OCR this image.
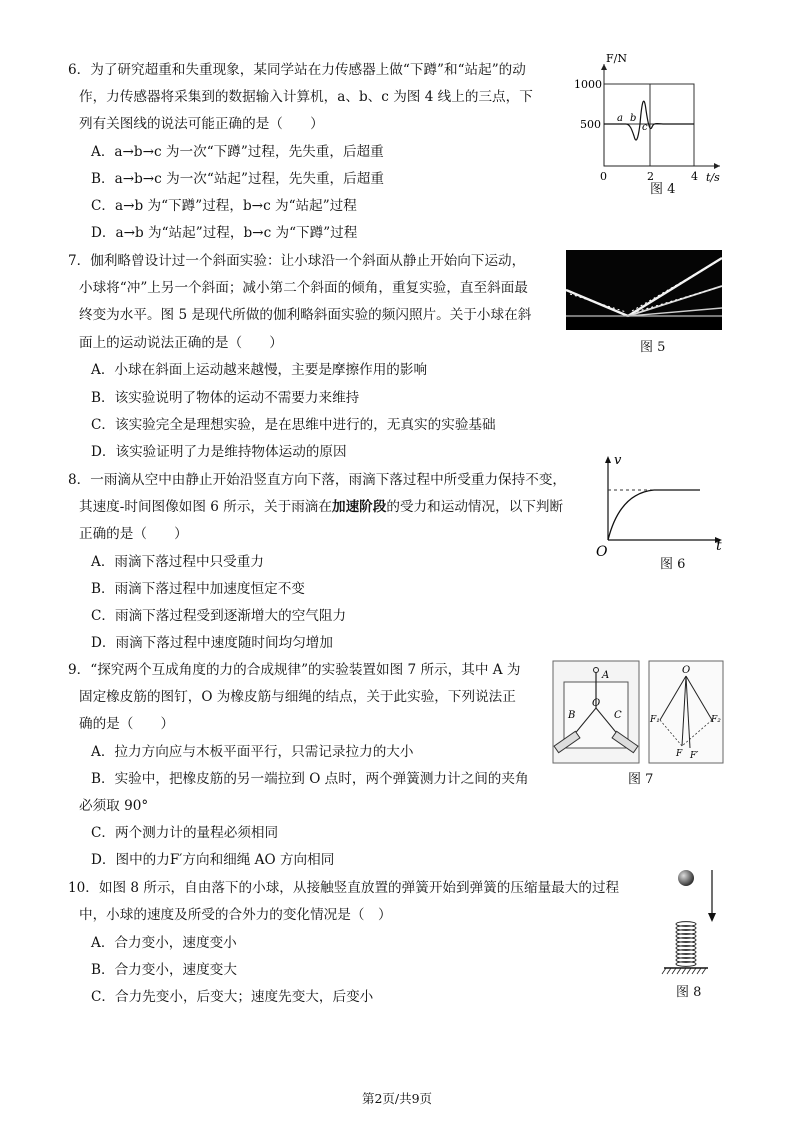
6．为了研究超重和失重现象，某同学站在力传感器上做“下蹲”和“站起”的动
作，力传感器将采集到的数据输入计算机，a、b、c 为图 4 线上的三点，下
列有关图线的说法可能正确的是（　　）
A．a→b→c 为一次“下蹲”过程，先失重，后超重
B．a→b→c 为一次“站起”过程，先失重，后超重
C．a→b 为“下蹲”过程，b→c 为“站起”过程
D．a→b 为“站起”过程，b→c 为“下蹲”过程
F/N
1000
500
0	2	4 t/s
a b
c
图 4
7．伽利略曾设计过一个斜面实验：让小球沿一个斜面从静止开始向下运动，
小球将“冲”上另一个斜面；减小第二个斜面的倾角，重复实验，直至斜面最
终变为水平。图 5 是现代所做的伽利略斜面实验的频闪照片。关于小球在斜
面上的运动说法正确的是（　　）
A．小球在斜面上运动越来越慢，主要是摩擦作用的影响
B．该实验说明了物体的运动不需要力来维持
C．该实验完全是理想实验，是在思维中进行的，无真实的实验基础
D．该实验证明了力是维持物体运动的原因
图 5
8．一雨滴从空中由静止开始沿竖直方向下落，雨滴下落过程中所受重力保持不变，
其速度-时间图像如图 6 所示，关于雨滴在加速阶段的受力和运动情况，以下判断
正确的是（　　）
A．雨滴下落过程中只受重力
B．雨滴下落过程中加速度恒定不变
C．雨滴下落过程受到逐渐增大的空气阻力
D．雨滴下落过程中速度随时间均匀增加
v
t
O
图 6
9．“探究两个互成角度的力的合成规律”的实验装置如图 7 所示，其中 A 为
固定橡皮筋的图钉，O 为橡皮筋与细绳的结点，关于此实验，下列说法正
确的是（　　）
A．拉力方向应与木板平面平行，只需记录拉力的大小
B．实验中，把橡皮筋的另一端拉到 O 点时，两个弹簧测力计之间的夹角
必须取 90°
C．两个测力计的量程必须相同
D．图中的力F′方向和细绳 AO 方向相同
A
O
B	C
O
F₁	F₂
F F′
图 7
10．如图 8 所示，自由落下的小球，从接触竖直放置的弹簧开始到弹簧的压缩量最大的过程
中，小球的速度及所受的合外力的变化情况是（　）
A．合力变小，速度变小
B．合力变小，速度变大
C．合力先变小，后变大；速度先变大，后变小	图 8
第2页/共9页
